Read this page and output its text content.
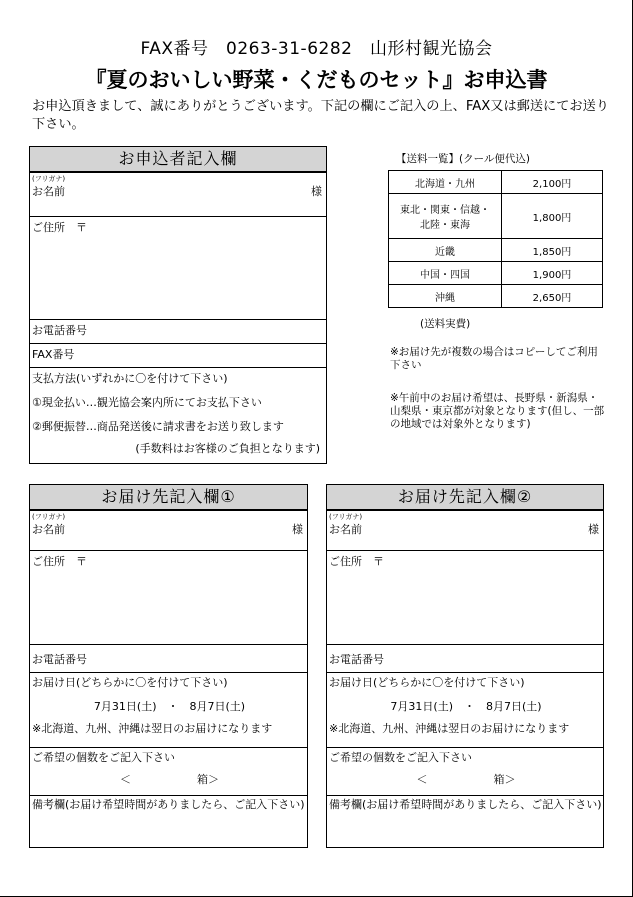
FAX番号　0263-31-6282　山形村観光協会
『夏のおいしい野菜・くだものセット』お申込書
お申込頂きまして、誠にありがとうございます。下記の欄にご記入の上、FAX又は郵送にてお送り下さい。
お申込者記入欄
(フリガナ)
お名前	様
ご住所　〒
お電話番号
FAX番号
支払方法(いずれかに〇を付けて下さい)
①現金払い…観光協会案内所にてお支払下さい
②郵便振替…商品発送後に請求書をお送り致します
(手数料はお客様のご負担となります)
【送料一覧】(クール便代込)
北海道・九州	2,100円
東北・関東・信越・北陸・東海	1,800円
近畿	1,850円
中国・四国	1,900円
沖縄	2,650円
(送料実費)
※お届け先が複数の場合はコピーしてご利用下さい
※午前中のお届け希望は、長野県・新潟県・山梨県・東京都が対象となります(但し、一部の地域では対象外となります)
お届け先記入欄①
(フリガナ)
お名前	様
ご住所　〒
お電話番号
お届け日(どちらかに〇を付けて下さい)
7月31日(土)　・　8月7日(土)
※北海道、九州、沖縄は翌日のお届けになります
ご希望の個数をご記入下さい
＜　　　　　　箱＞
備考欄(お届け希望時間がありましたら、ご記入下さい)
お届け先記入欄②
(フリガナ)
お名前	様
ご住所　〒
お電話番号
お届け日(どちらかに〇を付けて下さい)
7月31日(土)　・　8月7日(土)
※北海道、九州、沖縄は翌日のお届けになります
ご希望の個数をご記入下さい
＜　　　　　　箱＞
備考欄(お届け希望時間がありましたら、ご記入下さい)
